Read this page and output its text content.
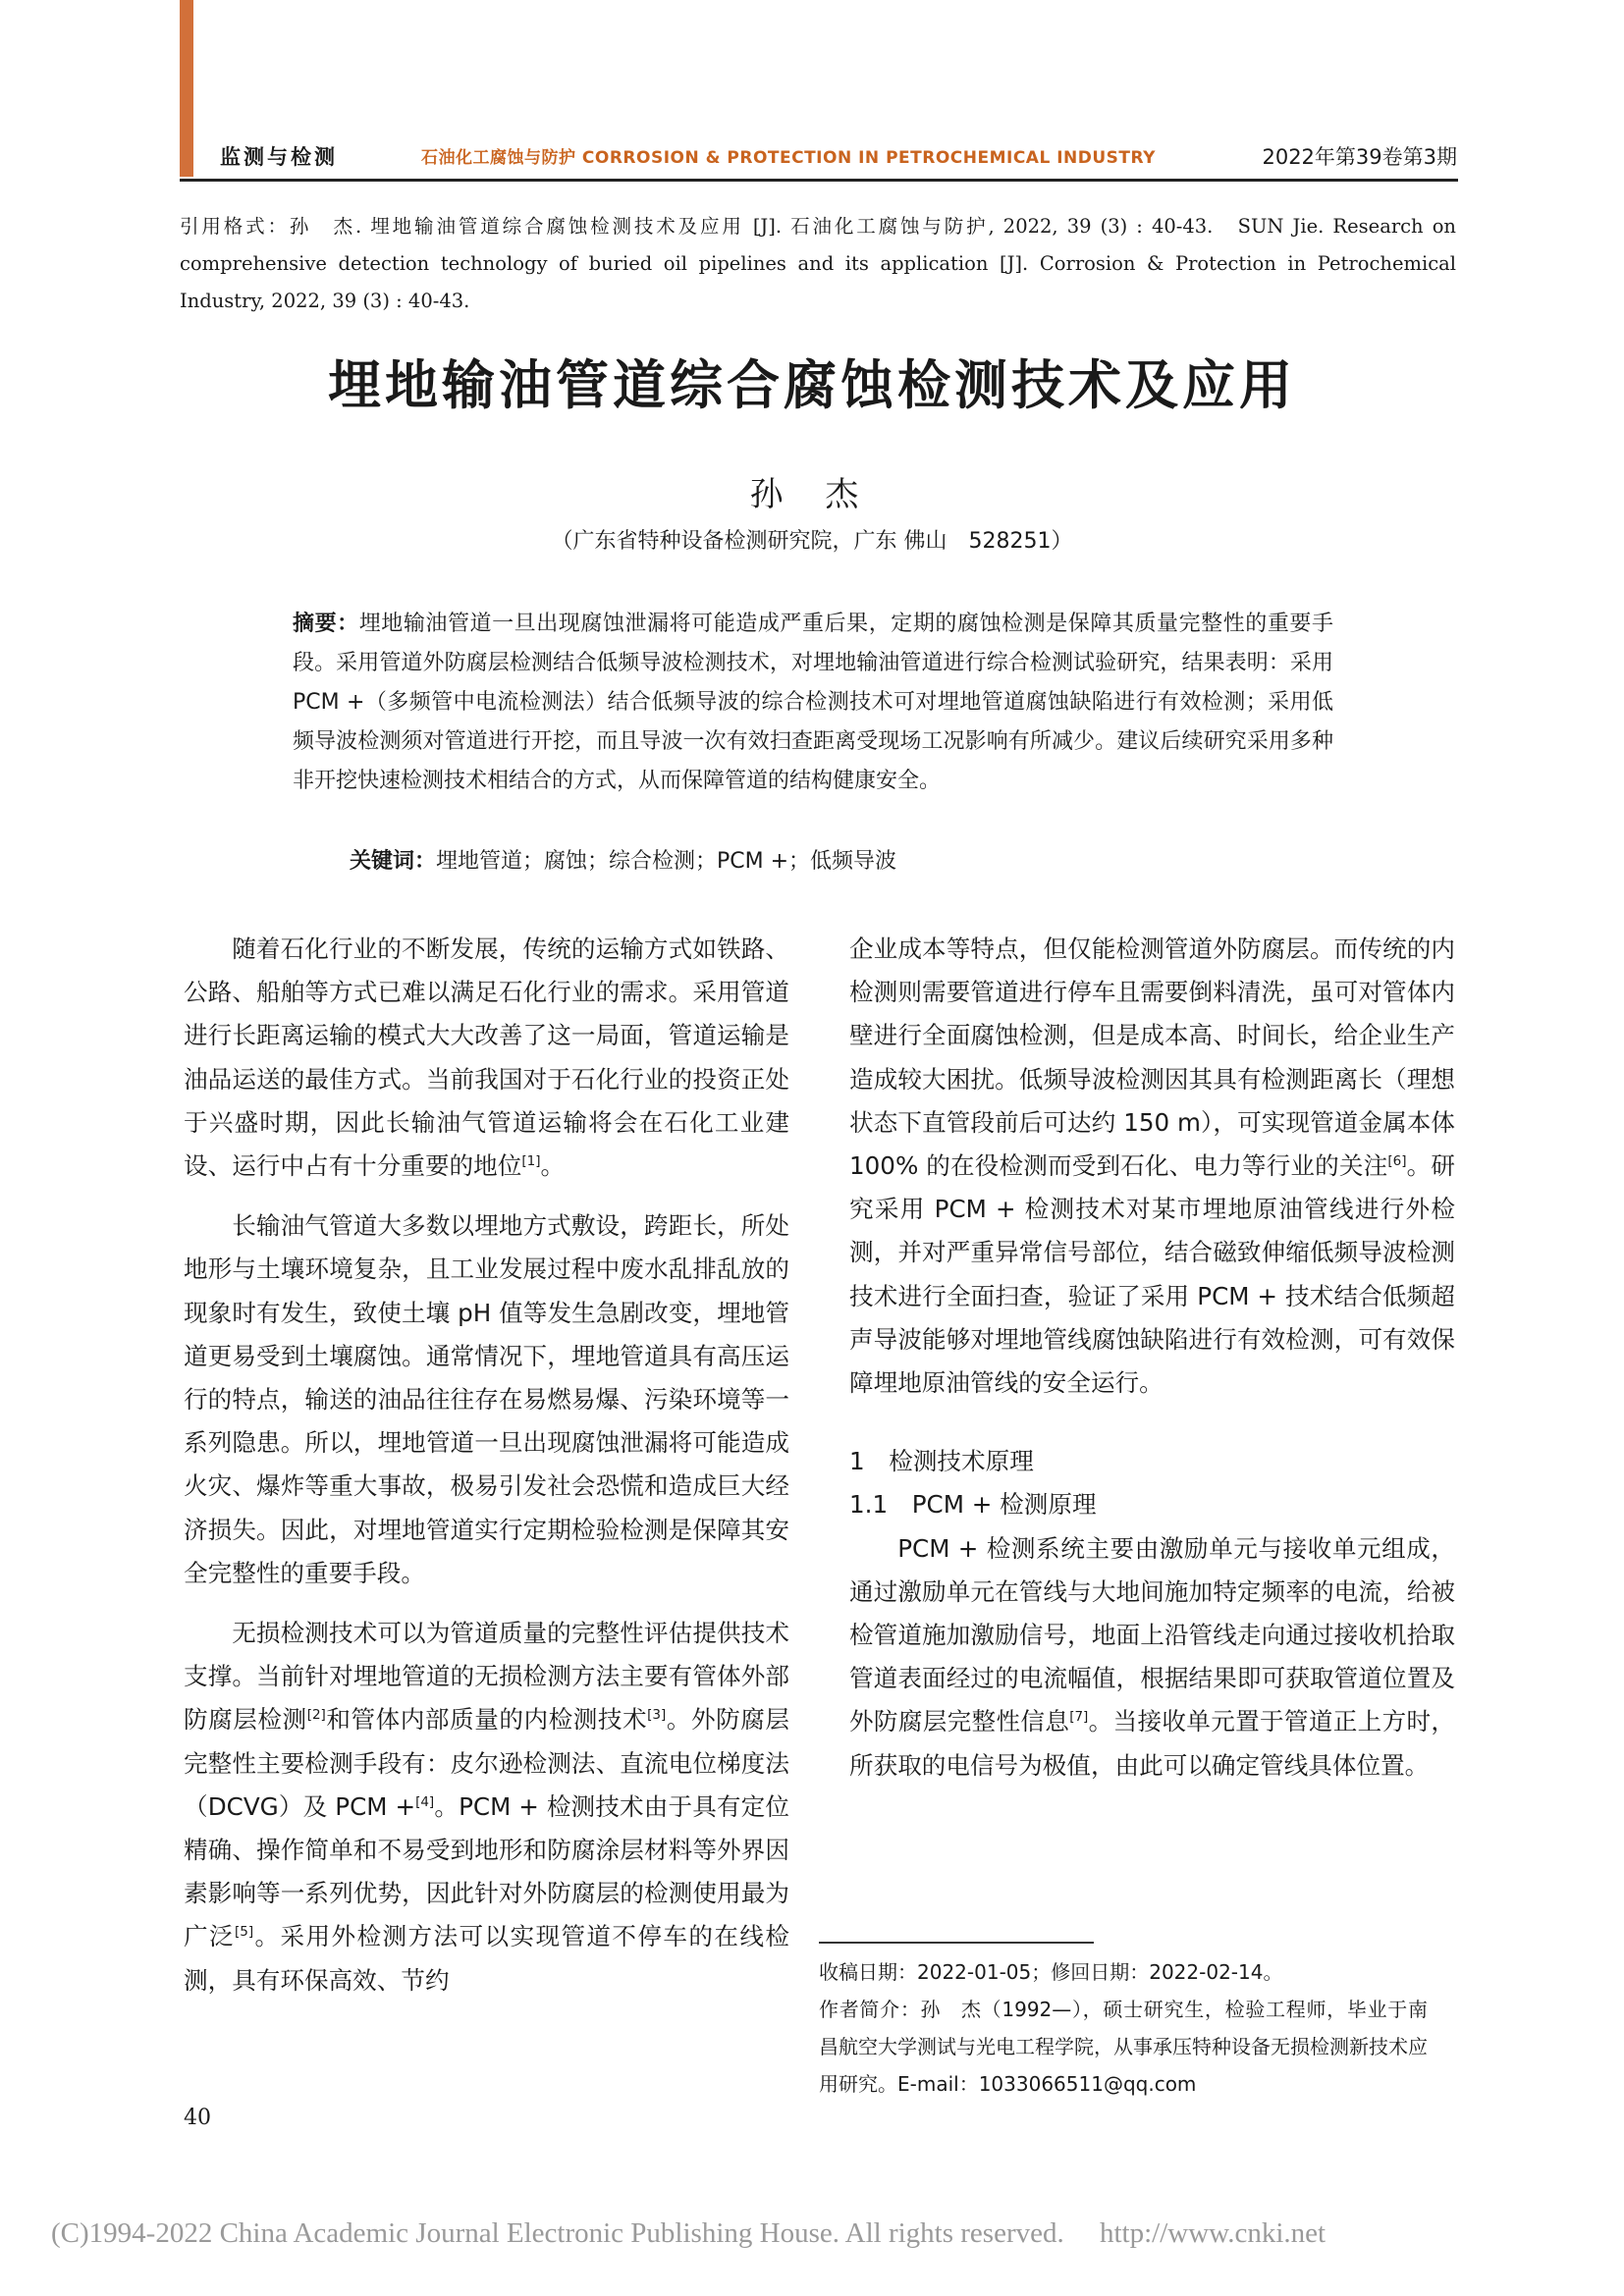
监测与检测	石油化工腐蚀与防护 CORROSION & PROTECTION IN PETROCHEMICAL INDUSTRY	2022年第39卷第3期
引用格式：孙　杰. 埋地输油管道综合腐蚀检测技术及应用 [J]. 石油化工腐蚀与防护, 2022, 39 (3) : 40-43.　SUN Jie. Research on comprehensive detection technology of buried oil pipelines and its application [J]. Corrosion & Protection in Petrochemical Industry, 2022, 39 (3) : 40-43.
埋地输油管道综合腐蚀检测技术及应用
孙 杰
（广东省特种设备检测研究院，广东 佛山　528251）
摘要：埋地输油管道一旦出现腐蚀泄漏将可能造成严重后果，定期的腐蚀检测是保障其质量完整性的重要手段。采用管道外防腐层检测结合低频导波检测技术，对埋地输油管道进行综合检测试验研究，结果表明：采用 PCM +（多频管中电流检测法）结合低频导波的综合检测技术可对埋地管道腐蚀缺陷进行有效检测；采用低频导波检测须对管道进行开挖，而且导波一次有效扫查距离受现场工况影响有所减少。建议后续研究采用多种非开挖快速检测技术相结合的方式，从而保障管道的结构健康安全。
关键词：埋地管道；腐蚀；综合检测；PCM +；低频导波

随着石化行业的不断发展，传统的运输方式如铁路、公路、船舶等方式已难以满足石化行业的需求。采用管道进行长距离运输的模式大大改善了这一局面，管道运输是油品运送的最佳方式。当前我国对于石化行业的投资正处于兴盛时期，因此长输油气管道运输将会在石化工业建设、运行中占有十分重要的地位[1]。

长输油气管道大多数以埋地方式敷设，跨距长，所处地形与土壤环境复杂，且工业发展过程中废水乱排乱放的现象时有发生，致使土壤 pH 值等发生急剧改变，埋地管道更易受到土壤腐蚀。通常情况下，埋地管道具有高压运行的特点，输送的油品往往存在易燃易爆、污染环境等一系列隐患。所以，埋地管道一旦出现腐蚀泄漏将可能造成火灾、爆炸等重大事故，极易引发社会恐慌和造成巨大经济损失。因此，对埋地管道实行定期检验检测是保障其安全完整性的重要手段。

无损检测技术可以为管道质量的完整性评估提供技术支撑。当前针对埋地管道的无损检测方法主要有管体外部防腐层检测[2]和管体内部质量的内检测技术[3]。外防腐层完整性主要检测手段有：皮尔逊检测法、直流电位梯度法（DCVG）及 PCM +[4]。PCM + 检测技术由于具有定位精确、操作简单和不易受到地形和防腐涂层材料等外界因素影响等一系列优势，因此针对外防腐层的检测使用最为广泛[5]。采用外检测方法可以实现管道不停车的在线检测，具有环保高效、节约

企业成本等特点，但仅能检测管道外防腐层。而传统的内检测则需要管道进行停车且需要倒料清洗，虽可对管体内壁进行全面腐蚀检测，但是成本高、时间长，给企业生产造成较大困扰。低频导波检测因其具有检测距离长（理想状态下直管段前后可达约 150 m），可实现管道金属本体 100% 的在役检测而受到石化、电力等行业的关注[6]。研究采用 PCM + 检测技术对某市埋地原油管线进行外检测，并对严重异常信号部位，结合磁致伸缩低频导波检测技术进行全面扫查，验证了采用 PCM + 技术结合低频超声导波能够对埋地管线腐蚀缺陷进行有效检测，可有效保障埋地原油管线的安全运行。

1　检测技术原理

1.1　PCM + 检测原理

PCM + 检测系统主要由激励单元与接收单元组成，通过激励单元在管线与大地间施加特定频率的电流，给被检管道施加激励信号，地面上沿管线走向通过接收机拾取管道表面经过的电流幅值，根据结果即可获取管道位置及外防腐层完整性信息[7]。当接收单元置于管道正上方时，所获取的电信号为极值，由此可以确定管线具体位置。

收稿日期：2022-01-05；修回日期：2022-02-14。

作者简介：孙　杰（1992—），硕士研究生，检验工程师，毕业于南昌航空大学测试与光电工程学院，从事承压特种设备无损检测新技术应用研究。E-mail：1033066511@qq.com

40
(C)1994-2022 China Academic Journal Electronic Publishing House. All rights reserved.　 http://www.cnki.net
